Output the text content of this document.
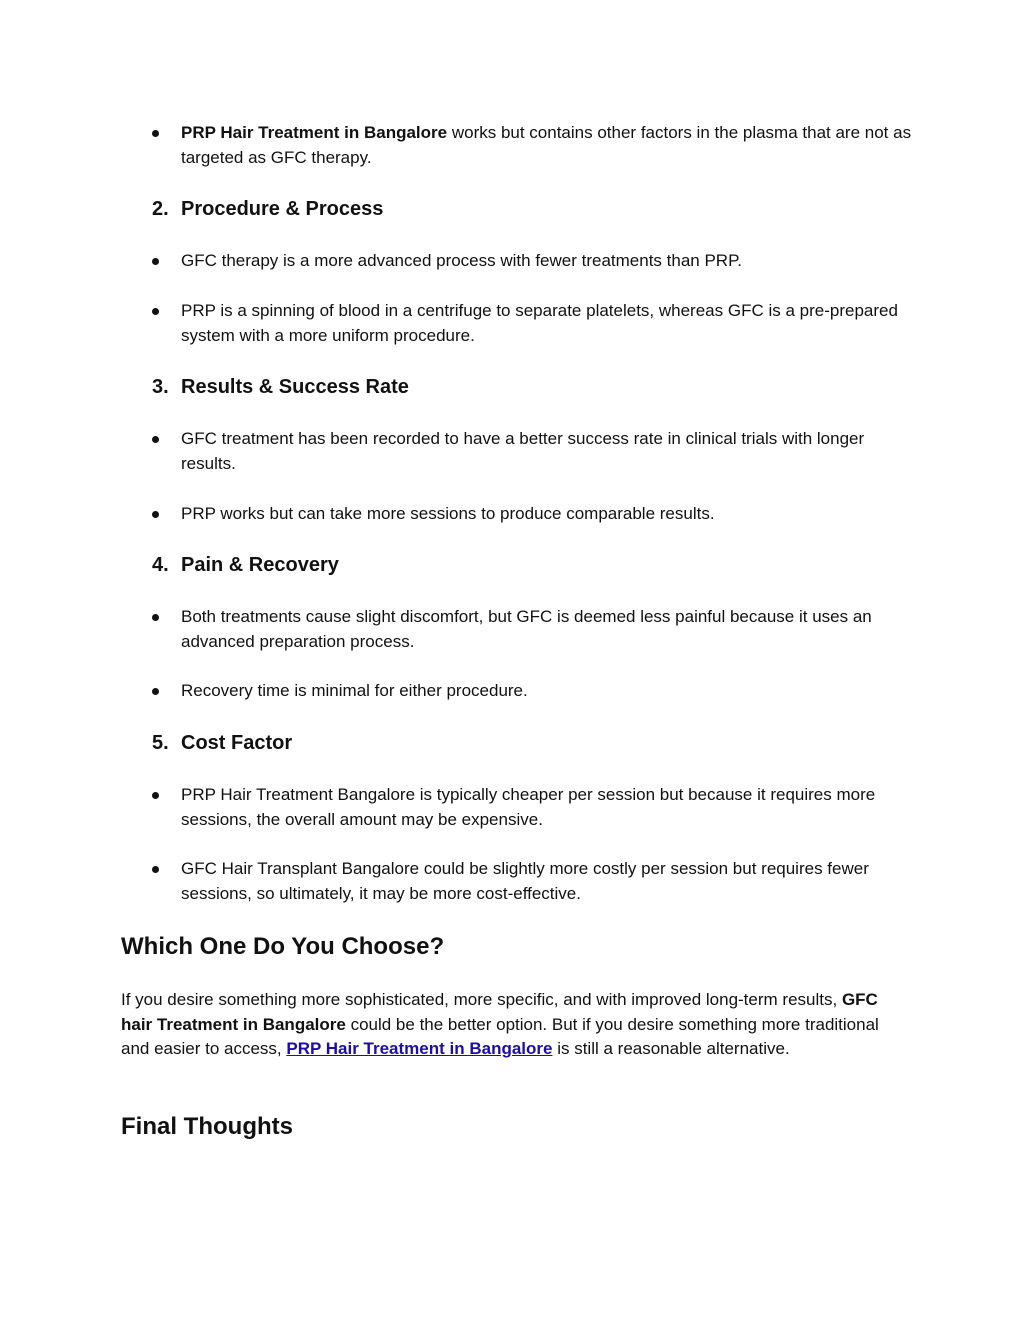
PRP Hair Treatment in Bangalore works but contains other factors in the plasma that are not as targeted as GFC therapy.
2. Procedure & Process
GFC therapy is a more advanced process with fewer treatments than PRP.
PRP is a spinning of blood in a centrifuge to separate platelets, whereas GFC is a pre-prepared system with a more uniform procedure.
3. Results & Success Rate
GFC treatment has been recorded to have a better success rate in clinical trials with longer results.
PRP works but can take more sessions to produce comparable results.
4. Pain & Recovery
Both treatments cause slight discomfort, but GFC is deemed less painful because it uses an advanced preparation process.
Recovery time is minimal for either procedure.
5. Cost Factor
PRP Hair Treatment Bangalore is typically cheaper per session but because it requires more sessions, the overall amount may be expensive.
GFC Hair Transplant Bangalore could be slightly more costly per session but requires fewer sessions, so ultimately, it may be more cost-effective.
Which One Do You Choose?
If you desire something more sophisticated, more specific, and with improved long-term results, GFC hair Treatment in Bangalore could be the better option. But if you desire something more traditional and easier to access, PRP Hair Treatment in Bangalore is still a reasonable alternative.
Final Thoughts
